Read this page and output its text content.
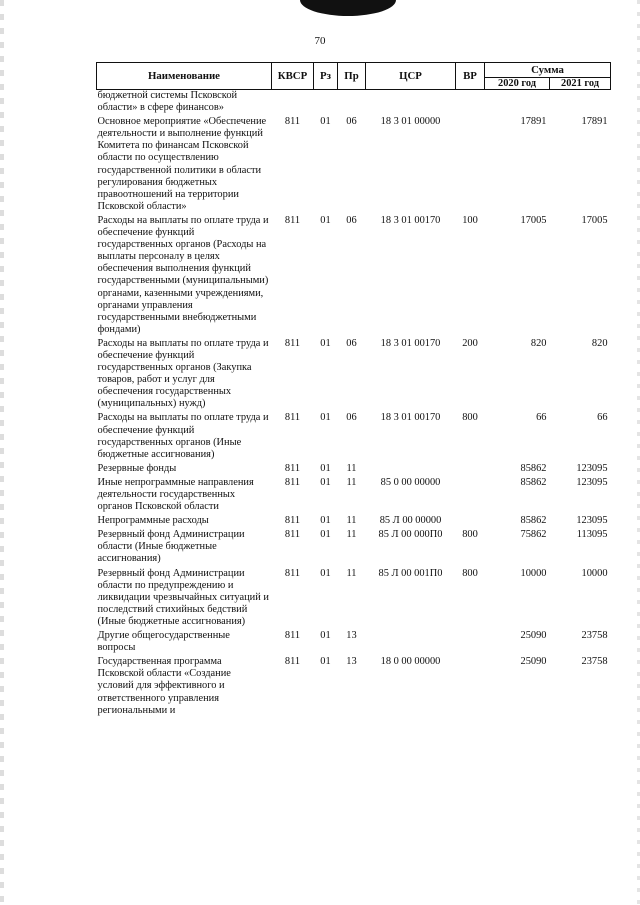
70
Наименование	КВСР	Рз	Пр	ЦСР	ВР	Сумма	
						2020 год	2021 год
бюджетной системы Псковской области» в сфере финансов»							
Основное мероприятие «Обеспечение деятельности и выполнение функций Комитета по финансам Псковской области по осуществлению государственной политики в области регулирования бюджетных правоотношений на территории Псковской области»	811	01	06	18 3 01 00000		17891	17891
Расходы на выплаты по оплате труда и обеспечение функций государственных органов (Расходы на выплаты персоналу в целях обеспечения выполнения функций государственными (муниципальными) органами, казенными учреждениями, органами управления государственными внебюджетными фондами)	811	01	06	18 3 01 00170	100	17005	17005
Расходы на выплаты по оплате труда и обеспечение функций государственных органов (Закупка товаров, работ и услуг для обеспечения государственных (муниципальных) нужд)	811	01	06	18 3 01 00170	200	820	820
Расходы на выплаты по оплате труда и обеспечение функций государственных органов (Иные бюджетные ассигнования)	811	01	06	18 3 01 00170	800	66	66
Резервные фонды	811	01	11			85862	123095
Иные непрограммные направления деятельности государственных органов Псковской области	811	01	11	85 0 00 00000		85862	123095
Непрограммные расходы	811	01	11	85 Л 00 00000		85862	123095
Резервный фонд Администрации области (Иные бюджетные ассигнования)	811	01	11	85 Л 00 000П0	800	75862	113095
Резервный фонд Администрации области по предупреждению и ликвидации чрезвычайных ситуаций и последствий стихийных бедствий (Иные бюджетные ассигнования)	811	01	11	85 Л 00 001П0	800	10000	10000
Другие общегосударственные вопросы	811	01	13			25090	23758
Государственная программа Псковской области «Создание условий для эффективного и ответственного управления региональными и	811	01	13	18 0 00 00000		25090	23758
